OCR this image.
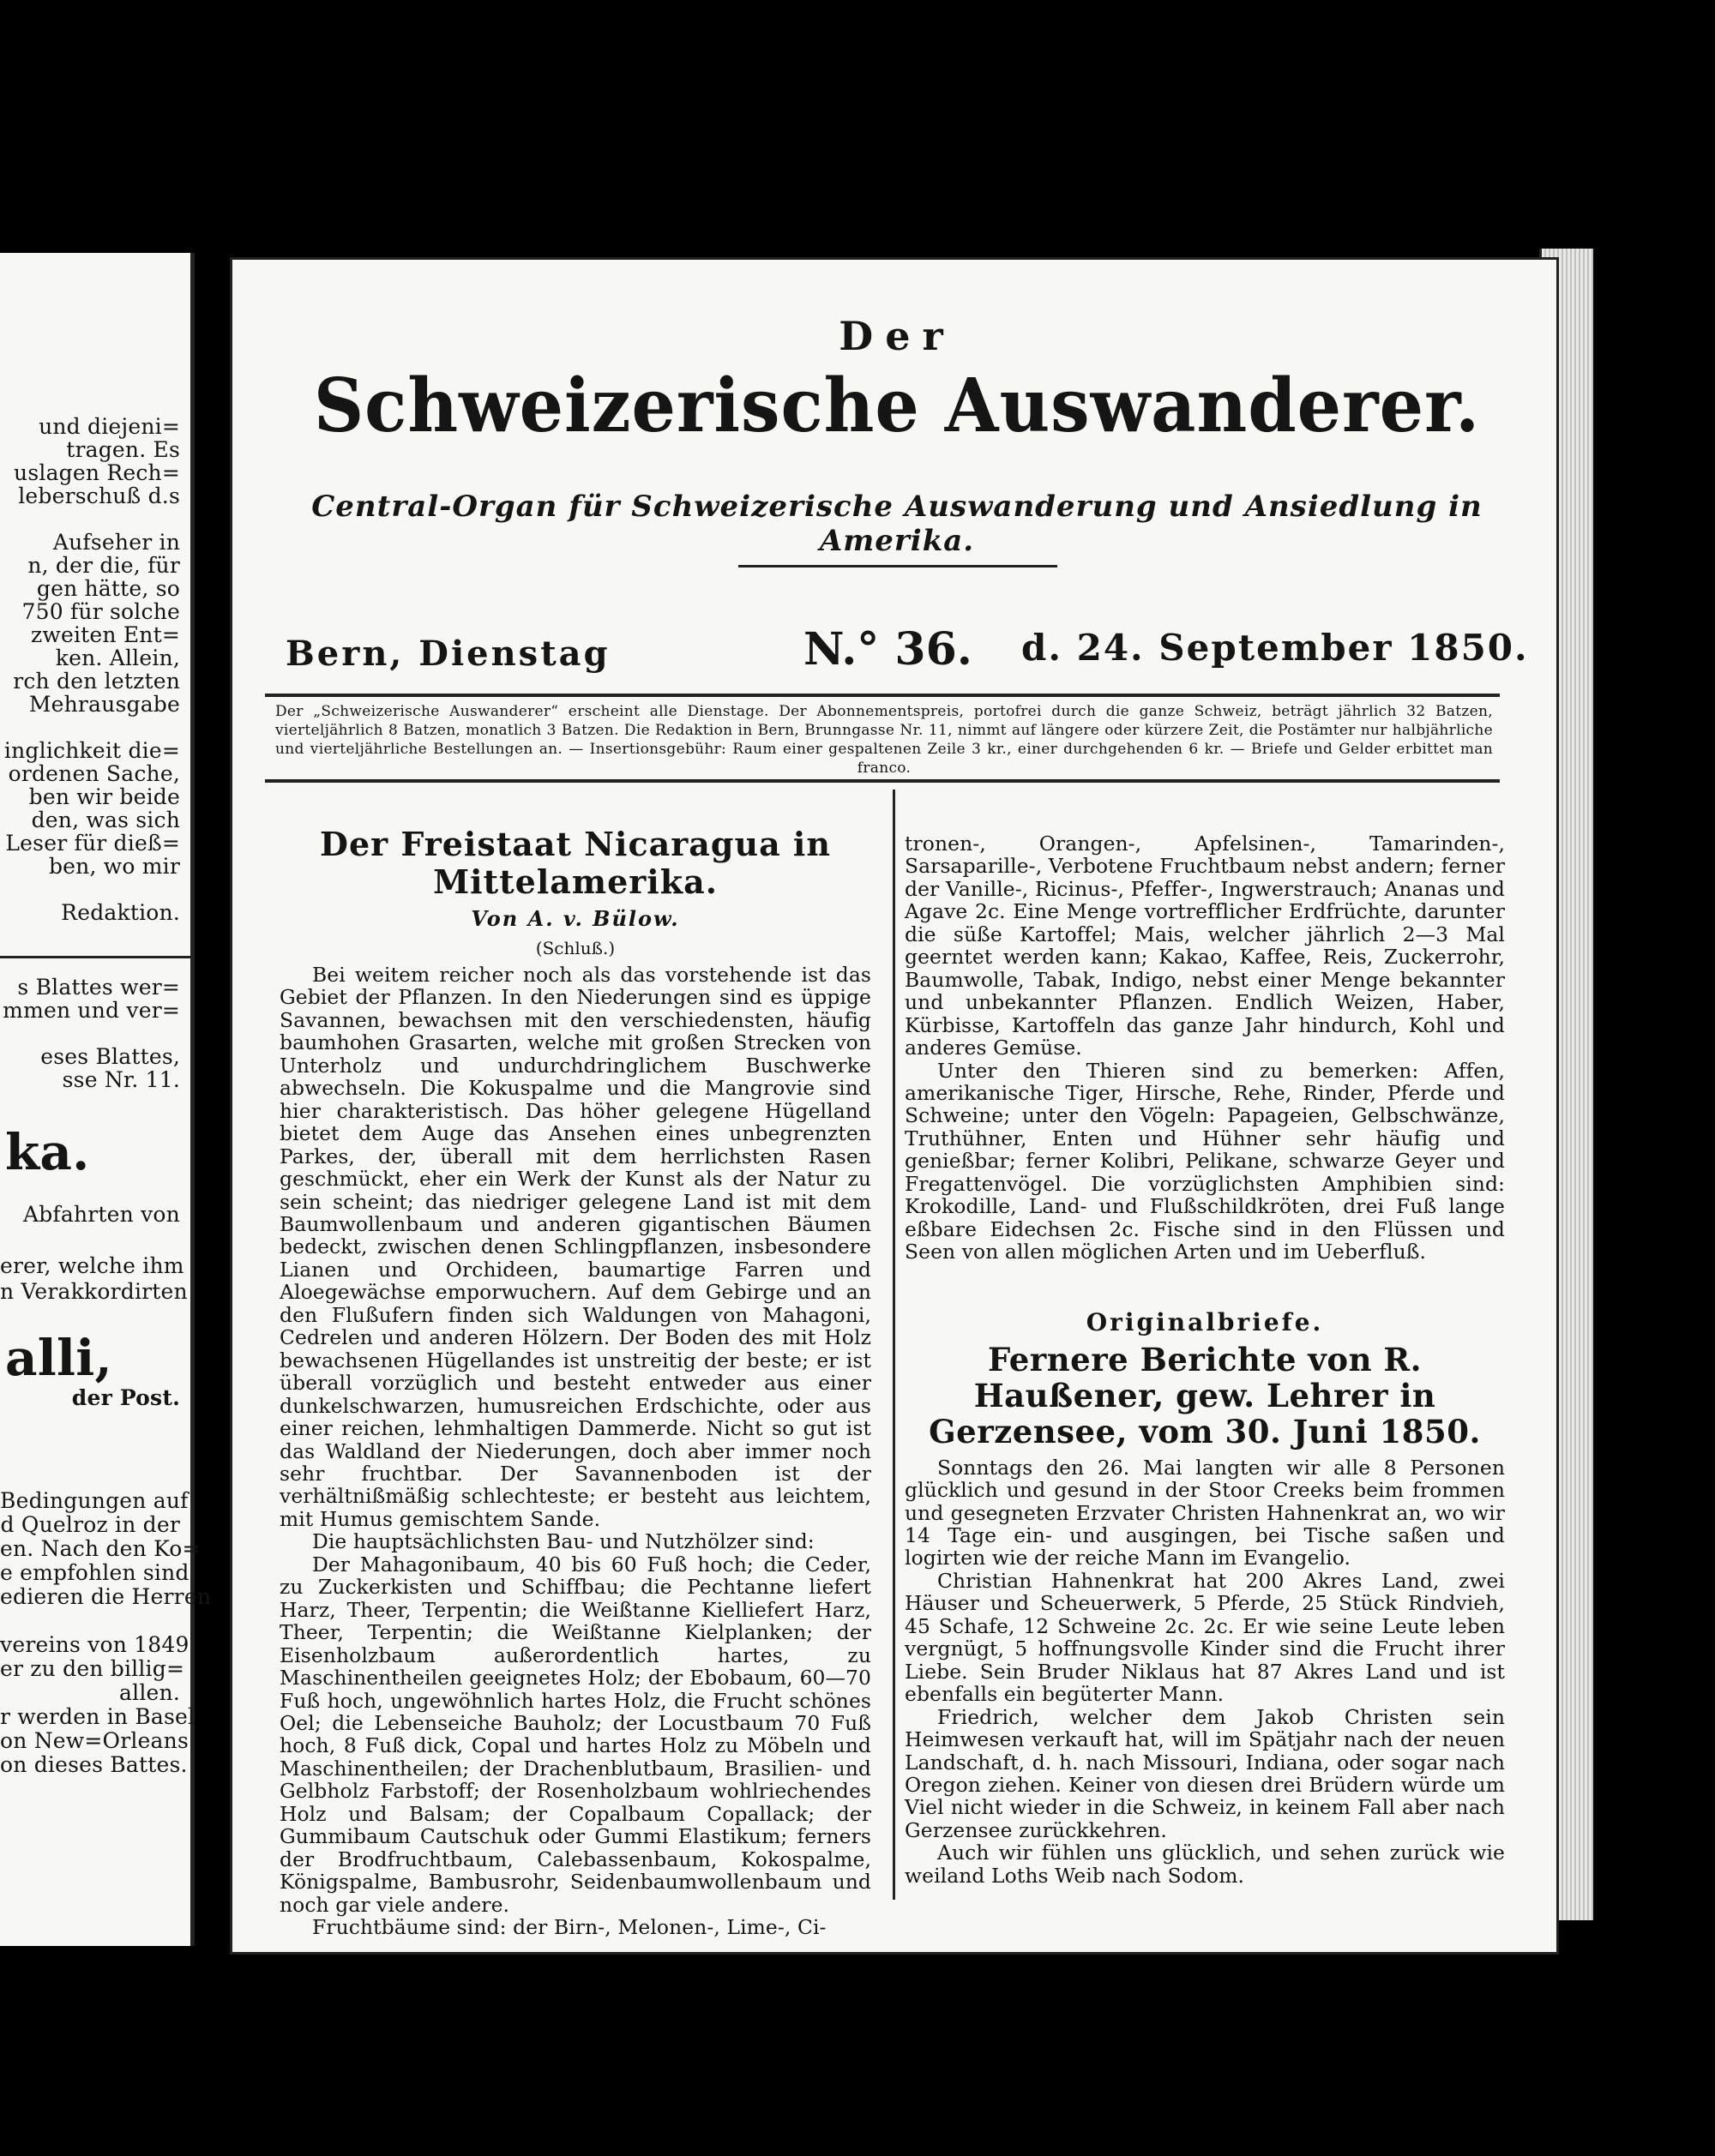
und diejeni=
tragen. Es
uslagen Rech=
leberschuß d.s
Aufseher in
n, der die, für
gen hätte, so
750 für solche
zweiten Ent=
ken. Allein,
rch den letzten
Mehrausgabe
inglichkeit die=
ordenen Sache,
ben wir beide
den, was sich
Leser für dieß=
ben, wo mir
Redaktion.
s Blattes wer=
mmen und ver=
eses Blattes,
sse Nr. 11.
ka.
Abfahrten von
erer, welche ihm
n Verakkordirten
alli,
der Post.
Bedingungen auf
d Quelroz in der
en. Nach den Ko=
e empfohlen sind
edieren die Herren
vereins von 1849
er zu den billig=
allen.
r werden in Basel
on New=Orleans
on dieses Battes.
Der
Schweizerische Auswanderer.
Central-Organ für Schweizerische Auswanderung und Ansiedlung in Amerika.
Bern, Dienstag	N.° 36. d. 24. September 1850.

Der „Schweizerische Auswanderer“ erscheint alle Dienstage. Der Abonnementspreis, portofrei durch die ganze Schweiz, beträgt jährlich 32 Batzen, vierteljährlich 8 Batzen, monatlich 3 Batzen. Die Redaktion in Bern, Brunngasse Nr. 11, nimmt auf längere oder kürzere Zeit, die Postämter nur halbjährliche und vierteljährliche Bestellungen an. — Insertionsgebühr: Raum einer gespaltenen Zeile 3 kr., einer durchgehenden 6 kr. — Briefe und Gelder erbittet man franco.

Der Freistaat Nicaragua in Mittelamerika.

Von A. v. Bülow.

(Schluß.)

Bei weitem reicher noch als das vorstehende ist das Gebiet der Pflanzen. In den Niederungen sind es üppige Savannen, bewachsen mit den verschiedensten, häufig baumhohen Grasarten, welche mit großen Strecken von Unterholz und undurchdringlichem Buschwerke abwechseln. Die Kokuspalme und die Mangrovie sind hier charakteristisch. Das höher gelegene Hügelland bietet dem Auge das Ansehen eines unbegrenzten Parkes, der, überall mit dem herrlichsten Rasen geschmückt, eher ein Werk der Kunst als der Natur zu sein scheint; das niedriger gelegene Land ist mit dem Baumwollenbaum und anderen gigantischen Bäumen bedeckt, zwischen denen Schlingpflanzen, insbesondere Lianen und Orchideen, baumartige Farren und Aloegewächse emporwuchern. Auf dem Gebirge und an den Flußufern finden sich Waldungen von Mahagoni, Cedrelen und anderen Hölzern. Der Boden des mit Holz bewachsenen Hügellandes ist unstreitig der beste; er ist überall vorzüglich und besteht entweder aus einer dunkelschwarzen, humusreichen Erdschichte, oder aus einer reichen, lehmhaltigen Dammerde. Nicht so gut ist das Waldland der Niederungen, doch aber immer noch sehr fruchtbar. Der Savannenboden ist der verhältnißmäßig schlechteste; er besteht aus leichtem, mit Humus gemischtem Sande.

Die hauptsächlichsten Bau- und Nutzhölzer sind:

Der Mahagonibaum, 40 bis 60 Fuß hoch; die Ceder, zu Zuckerkisten und Schiffbau; die Pechtanne liefert Harz, Theer, Terpentin; die Weißtanne Kielliefert Harz, Theer, Terpentin; die Weißtanne Kielplanken; der Eisenholzbaum außerordentlich hartes, zu Maschinentheilen geeignetes Holz; der Ebobaum, 60—70 Fuß hoch, ungewöhnlich hartes Holz, die Frucht schönes Oel; die Lebenseiche Bauholz; der Locustbaum 70 Fuß hoch, 8 Fuß dick, Copal und hartes Holz zu Möbeln und Maschinentheilen; der Drachenblutbaum, Brasilien- und Gelbholz Farbstoff; der Rosenholzbaum wohlriechendes Holz und Balsam; der Copalbaum Copallack; der Gummibaum Cautschuk oder Gummi Elastikum; ferners der Brodfruchtbaum, Calebassenbaum, Kokospalme, Königspalme, Bambusrohr, Seidenbaumwollenbaum und noch gar viele andere.

Fruchtbäume sind: der Birn-, Melonen-, Lime-, Ci-

tronen-, Orangen-, Apfelsinen-, Tamarinden-, Sarsaparille-, Verbotene Fruchtbaum nebst andern; ferner der Vanille-, Ricinus-, Pfeffer-, Ingwerstrauch; Ananas und Agave 2c. Eine Menge vortrefflicher Erdfrüchte, darunter die süße Kartoffel; Mais, welcher jährlich 2—3 Mal geerntet werden kann; Kakao, Kaffee, Reis, Zuckerrohr, Baumwolle, Tabak, Indigo, nebst einer Menge bekannter und unbekannter Pflanzen. Endlich Weizen, Haber, Kürbisse, Kartoffeln das ganze Jahr hindurch, Kohl und anderes Gemüse.

Unter den Thieren sind zu bemerken: Affen, amerikanische Tiger, Hirsche, Rehe, Rinder, Pferde und Schweine; unter den Vögeln: Papageien, Gelbschwänze, Truthühner, Enten und Hühner sehr häufig und genießbar; ferner Kolibri, Pelikane, schwarze Geyer und Fregattenvögel. Die vorzüglichsten Amphibien sind: Krokodille, Land- und Flußschildkröten, drei Fuß lange eßbare Eidechsen 2c. Fische sind in den Flüssen und Seen von allen möglichen Arten und im Ueberfluß.

Originalbriefe.

Fernere Berichte von R. Haußener, gew. Lehrer in Gerzensee, vom 30. Juni 1850.

Sonntags den 26. Mai langten wir alle 8 Personen glücklich und gesund in der Stoor Creeks beim frommen und gesegneten Erzvater Christen Hahnenkrat an, wo wir 14 Tage ein- und ausgingen, bei Tische saßen und logirten wie der reiche Mann im Evangelio.

Christian Hahnenkrat hat 200 Akres Land, zwei Häuser und Scheuerwerk, 5 Pferde, 25 Stück Rindvieh, 45 Schafe, 12 Schweine 2c. 2c. Er wie seine Leute leben vergnügt, 5 hoffnungsvolle Kinder sind die Frucht ihrer Liebe. Sein Bruder Niklaus hat 87 Akres Land und ist ebenfalls ein begüterter Mann.

Friedrich, welcher dem Jakob Christen sein Heimwesen verkauft hat, will im Spätjahr nach der neuen Landschaft, d. h. nach Missouri, Indiana, oder sogar nach Oregon ziehen. Keiner von diesen drei Brüdern würde um Viel nicht wieder in die Schweiz, in keinem Fall aber nach Gerzensee zurückkehren.

Auch wir fühlen uns glücklich, und sehen zurück wie weiland Loths Weib nach Sodom.
